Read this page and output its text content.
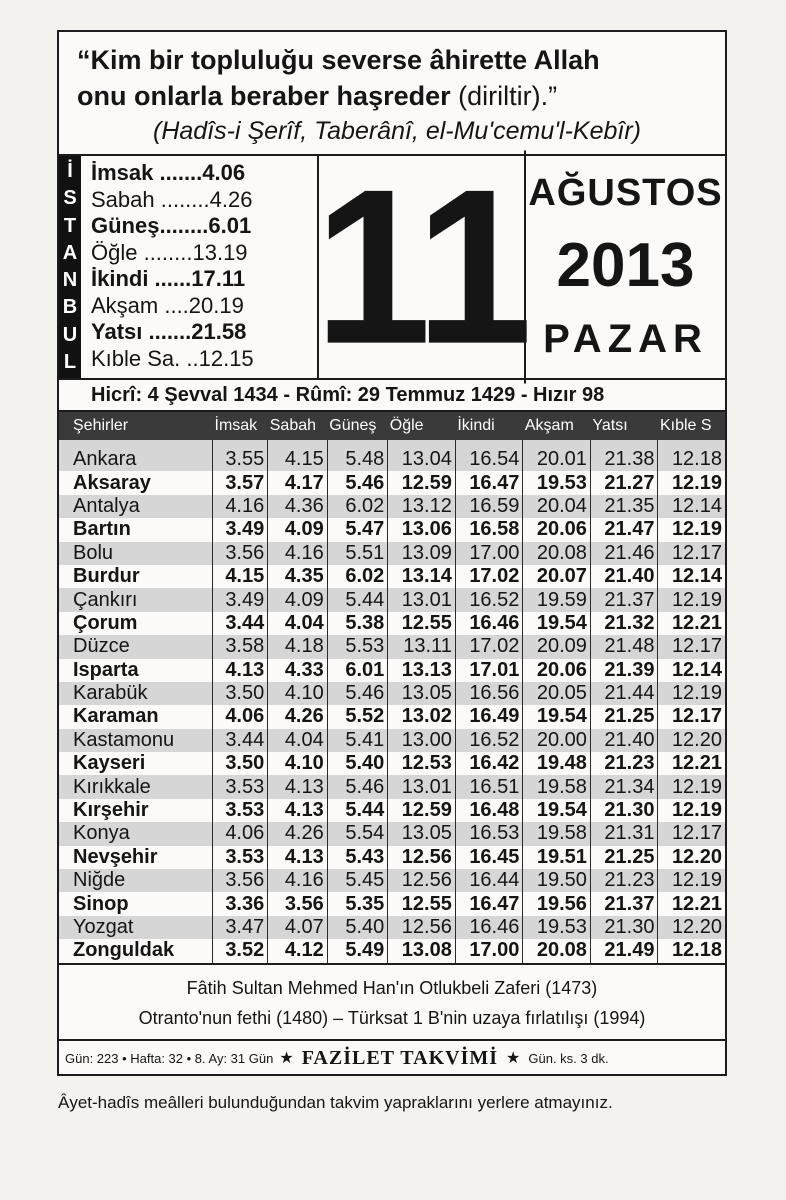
“Kim bir topluluğu severse âhirette Allah
onu onlarla beraber haşreder (diriltir).”
(Hadîs-i Şerîf, Taberânî, el-Mu'cemu'l-Kebîr)
İ
S
T
A
N
B
U
L
İmsak .......4.06
Sabah ........4.26
Güneş........6.01
Öğle ........13.19
İkindi ......17.11
Akşam ....20.19
Yatsı .......21.58
Kıble Sa. ..12.15 11 AĞUSTOS
2013
PAZAR
Hicrî: 4 Şevval 1434 - Rûmî: 29 Temmuz 1429 - Hızır 98
Şehirler	İmsak	Sabah	Güneş	Öğle	İkindi	Akşam	Yatsı	Kıble S
Ankara	3.55	4.15	5.48	13.04	16.54	20.01	21.38	12.18
Aksaray	3.57	4.17	5.46	12.59	16.47	19.53	21.27	12.19
Antalya	4.16	4.36	6.02	13.12	16.59	20.04	21.35	12.14
Bartın	3.49	4.09	5.47	13.06	16.58	20.06	21.47	12.19
Bolu	3.56	4.16	5.51	13.09	17.00	20.08	21.46	12.17
Burdur	4.15	4.35	6.02	13.14	17.02	20.07	21.40	12.14
Çankırı	3.49	4.09	5.44	13.01	16.52	19.59	21.37	12.19
Çorum	3.44	4.04	5.38	12.55	16.46	19.54	21.32	12.21
Düzce	3.58	4.18	5.53	13.11	17.02	20.09	21.48	12.17
Isparta	4.13	4.33	6.01	13.13	17.01	20.06	21.39	12.14
Karabük	3.50	4.10	5.46	13.05	16.56	20.05	21.44	12.19
Karaman	4.06	4.26	5.52	13.02	16.49	19.54	21.25	12.17
Kastamonu	3.44	4.04	5.41	13.00	16.52	20.00	21.40	12.20
Kayseri	3.50	4.10	5.40	12.53	16.42	19.48	21.23	12.21
Kırıkkale	3.53	4.13	5.46	13.01	16.51	19.58	21.34	12.19
Kırşehir	3.53	4.13	5.44	12.59	16.48	19.54	21.30	12.19
Konya	4.06	4.26	5.54	13.05	16.53	19.58	21.31	12.17
Nevşehir	3.53	4.13	5.43	12.56	16.45	19.51	21.25	12.20
Niğde	3.56	4.16	5.45	12.56	16.44	19.50	21.23	12.19
Sinop	3.36	3.56	5.35	12.55	16.47	19.56	21.37	12.21
Yozgat	3.47	4.07	5.40	12.56	16.46	19.53	21.30	12.20
Zonguldak	3.52	4.12	5.49	13.08	17.00	20.08	21.49	12.18
Fâtih Sultan Mehmed Han'ın Otlukbeli Zaferi (1473)
Otranto'nun fethi (1480) – Türksat 1 B'nin uzaya fırlatılışı (1994)
Gün: 223 • Hafta: 32 • 8. Ay: 31 Gün ★ FAZİLET TAKVİMİ ★ Gün. ks. 3 dk.
Âyet-hadîs meâlleri bulunduğundan takvim yapraklarını yerlere atmayınız.
